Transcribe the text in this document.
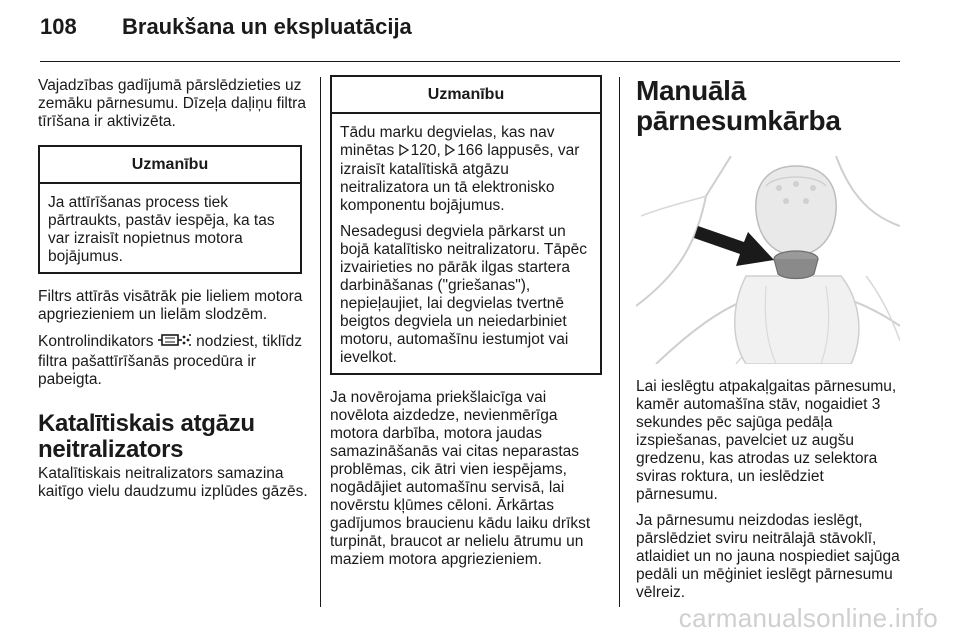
108	Braukšana un ekspluatācija

Vajadzības gadījumā pārslēdzieties uz zemāku pārnesumu. Dīzeļa daļiņu filtra tīrīšana ir aktivizēta.

Uzmanību

Ja attīrīšanas process tiek pārtraukts, pastāv iespēja, ka tas var izraisīt nopietnus motora bojājumus.

Filtrs attīrās visātrāk pie lieliem motora apgriezieniem un lielām slodzēm.

Kontrolindikators	nodziest, tiklīdz filtra pašattīrīšanās procedūra ir pabeigta.

Katalītiskais atgāzu
neitralizators

Katalītiskais neitralizators samazina kaitīgo vielu daudzumu izplūdes gāzēs.

Uzmanību

Tādu marku degvielas, kas nav minētas 120, 166 lappusēs, var izraisīt katalītiskā atgāzu neitralizatora un tā elektronisko komponentu bojājumus.

Nesadegusi degviela pārkarst un bojā katalītisko neitralizatoru. Tāpēc izvairieties no pārāk ilgas startera darbināšanas ("griešanas"), nepieļaujiet, lai degvielas tvertnē beigtos degviela un neiedarbiniet motoru, automašīnu iestumjot vai ievelkot.

Ja novērojama priekšlaicīga vai novēlota aizdedze, nevienmērīga motora darbība, motora jaudas samazināšanās vai citas neparastas problēmas, cik ātri vien iespējams, nogādājiet automašīnu servisā, lai novērstu kļūmes cēloni. Ārkārtas gadījumos braucienu kādu laiku drīkst turpināt, braucot ar nelielu ātrumu un maziem motora apgriezieniem.

Manuālā
pārnesumkārba

Lai ieslēgtu atpakaļgaitas pārnesumu, kamēr automašīna stāv, nogaidiet 3 sekundes pēc sajūga pedāļa izspiešanas, pavelciet uz augšu gredzenu, kas atrodas uz selektora sviras roktura, un ieslēdziet pārnesumu.

Ja pārnesumu neizdodas ieslēgt, pārslēdziet sviru neitrālajā stāvoklī, atlaidiet un no jauna nospiediet sajūga pedāli un mēģiniet ieslēgt pārnesumu vēlreiz.

carmanualsonline.info
